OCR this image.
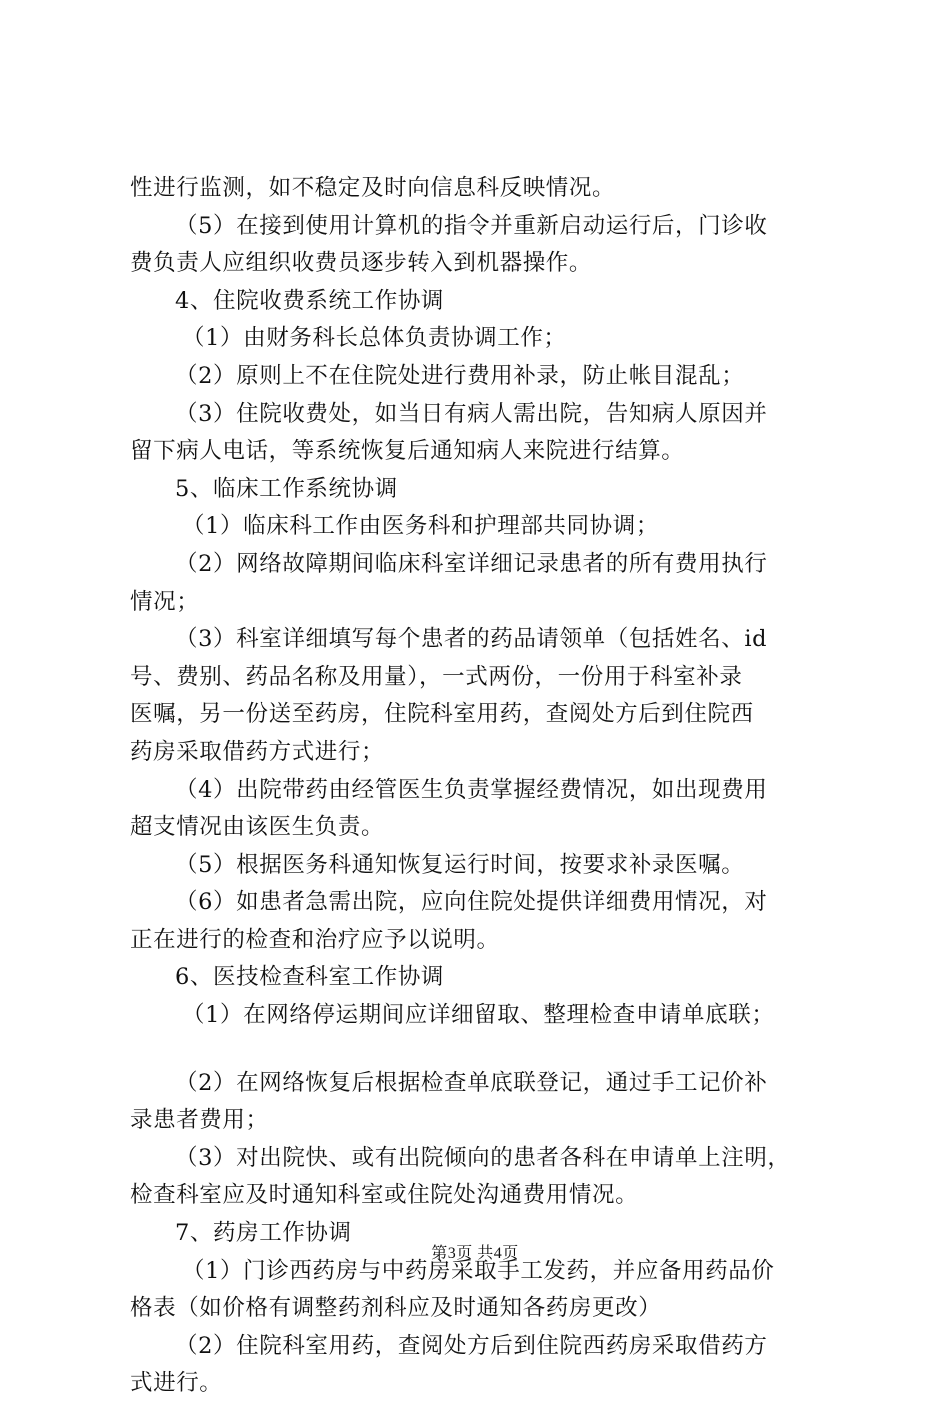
性进行监测，如不稳定及时向信息科反映情况。
（5）在接到使用计算机的指令并重新启动运行后，门诊收
费负责人应组织收费员逐步转入到机器操作。
4、住院收费系统工作协调
（1）由财务科长总体负责协调工作；
（2）原则上不在住院处进行费用补录，防止帐目混乱；
（3）住院收费处，如当日有病人需出院，告知病人原因并
留下病人电话，等系统恢复后通知病人来院进行结算。
5、临床工作系统协调
（1）临床科工作由医务科和护理部共同协调；
（2）网络故障期间临床科室详细记录患者的所有费用执行
情况；
（3）科室详细填写每个患者的药品请领单（包括姓名、id
号、费别、药品名称及用量），一式两份，一份用于科室补录
医嘱，另一份送至药房，住院科室用药，查阅处方后到住院西
药房采取借药方式进行；
（4）出院带药由经管医生负责掌握经费情况，如出现费用
超支情况由该医生负责。
（5）根据医务科通知恢复运行时间，按要求补录医嘱。
（6）如患者急需出院，应向住院处提供详细费用情况，对
正在进行的检查和治疗应予以说明。
6、医技检查科室工作协调
（1）在网络停运期间应详细留取、整理检查申请单底联；
（2）在网络恢复后根据检查单底联登记，通过手工记价补
录患者费用；
（3）对出院快、或有出院倾向的患者各科在申请单上注明，
检查科室应及时通知科室或住院处沟通费用情况。
7、药房工作协调
（1）门诊西药房与中药房采取手工发药，并应备用药品价
格表（如价格有调整药剂科应及时通知各药房更改）
（2）住院科室用药，查阅处方后到住院西药房采取借药方
式进行。
第3页 共4页
